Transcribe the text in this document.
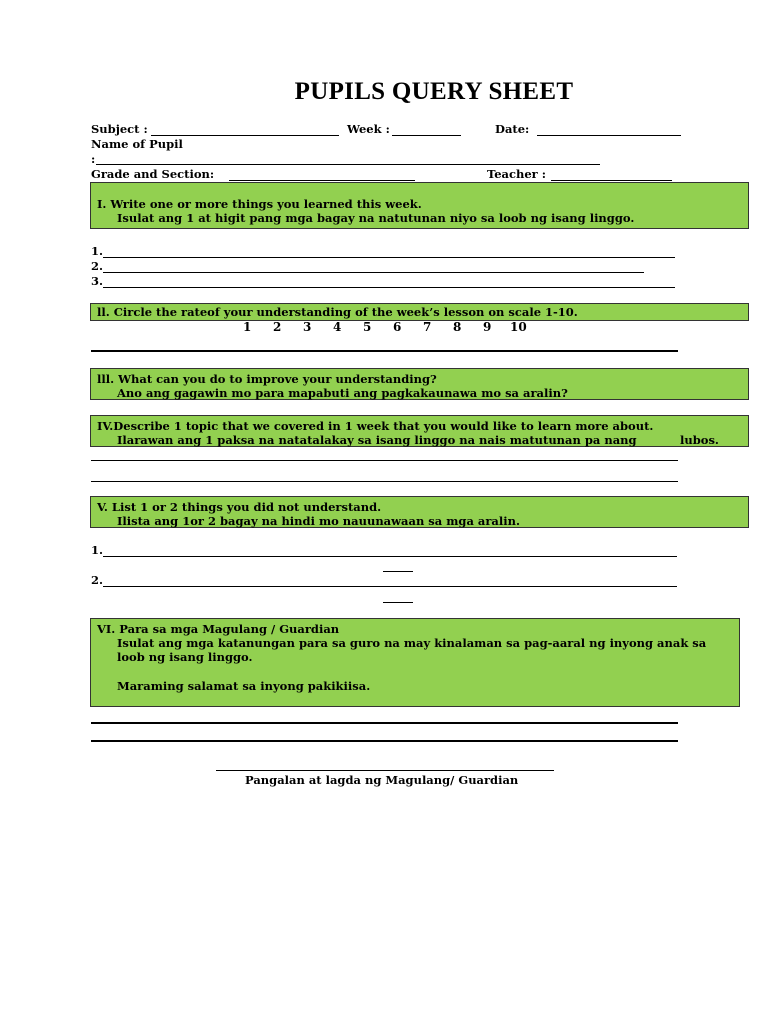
PUPILS QUERY SHEET
Subject :	Week :	Date:
Name of Pupil
:
Grade and Section:	Teacher :
I. Write one or more things you learned this week.
Isulat ang 1 at higit pang mga bagay na natutunan niyo sa loob ng isang linggo.
1.
2.
3.
ll. Circle the rateof your understanding of the week’s lesson on scale 1-10.
1 2 3 4 5 6 7 8 9 10
lll. What can you do to improve your understanding?
Ano ang gagawin mo para mapabuti ang pagkakaunawa mo sa aralin?
IV.Describe 1 topic that we covered in 1 week that you would like to learn more about.
Ilarawan ang 1 paksa na natatalakay sa isang linggo na nais matutunan pa nang	lubos.
V. List 1 or 2 things you did not understand.
Ilista ang 1or 2 bagay na hindi mo nauunawaan sa mga aralin.
1.
2.
VI. Para sa mga Magulang / Guardian
Isulat ang mga katanungan para sa guro na may kinalaman sa pag-aaral ng inyong anak sa
loob ng isang linggo.
Maraming salamat sa inyong pakikiisa.
Pangalan at lagda ng Magulang/ Guardian
